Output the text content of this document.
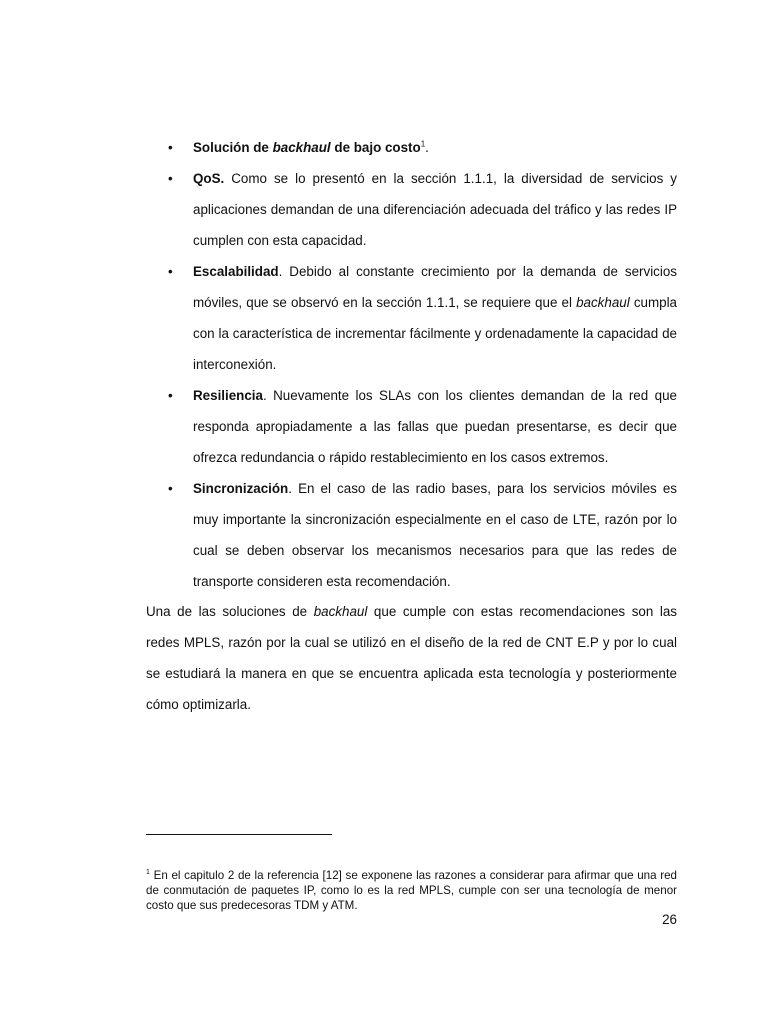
• Solución de backhaul de bajo costo$^1$.
• QoS. Como se lo presentó en la sección 1.1.1, la diversidad de servicios y aplicaciones demandan de una diferenciación adecuada del tráfico y las redes IP cumplen con esta capacidad.
• Escalabilidad. Debido al constante crecimiento por la demanda de servicios móviles, que se observó en la sección 1.1.1, se requiere que el backhaul cumpla con la característica de incrementar fácilmente y ordenadamente la capacidad de interconexión.
• Resiliencia. Nuevamente los SLAs con los clientes demandan de la red que responda apropiadamente a las fallas que puedan presentarse, es decir que ofrezca redundancia o rápido restablecimiento en los casos extremos.
• Sincronización. En el caso de las radio bases, para los servicios móviles es muy importante la sincronización especialmente en el caso de LTE, razón por lo cual se deben observar los mecanismos necesarios para que las redes de transporte consideren esta recomendación.

Una de las soluciones de backhaul que cumple con estas recomendaciones son las redes MPLS, razón por la cual se utilizó en el diseño de la red de CNT E.P y por lo cual se estudiará la manera en que se encuentra aplicada esta tecnología y posteriormente cómo optimizarla.

$^1$ En el capitulo 2 de la referencia [12] se exponene las razones a considerar para afirmar que una red de conmutación de paquetes IP, como lo es la red MPLS, cumple con ser una tecnología de menor costo que sus predecesoras TDM y ATM.

26
